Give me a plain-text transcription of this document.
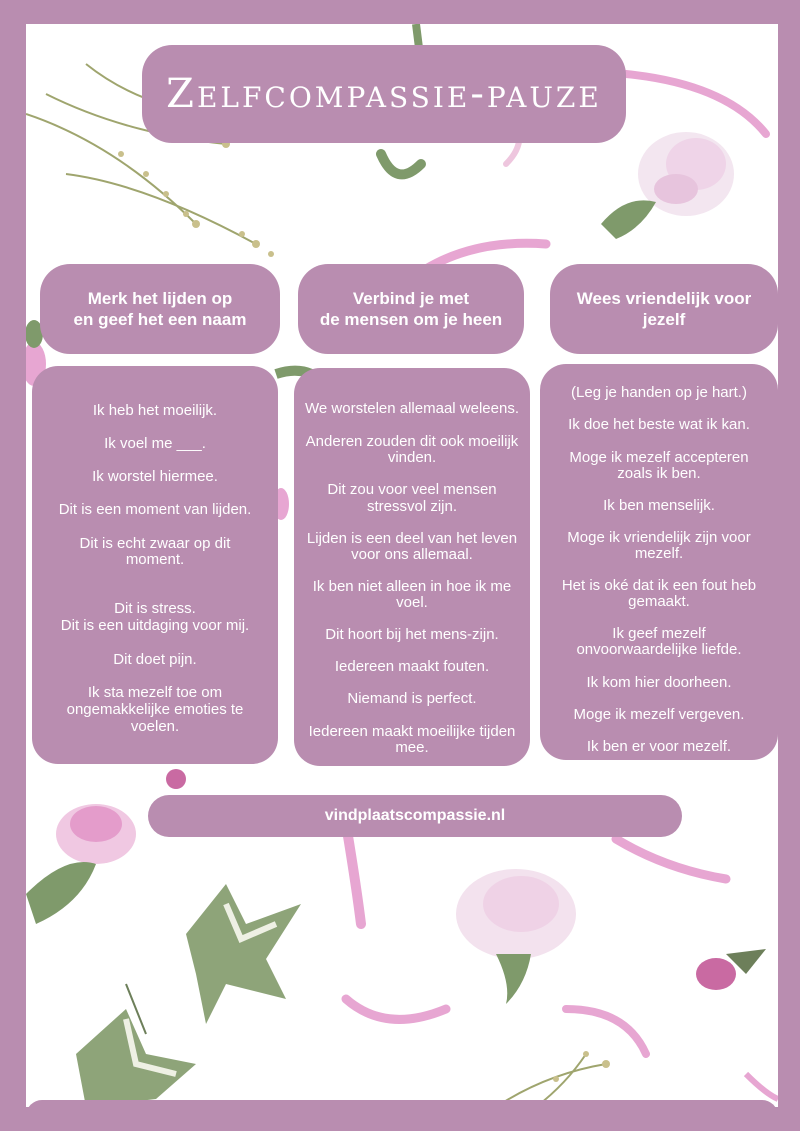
Zelfcompassie-pauze
Merk het lijden op
en geef het een naam
Verbind je met
de mensen om je heen
Wees vriendelijk voor
jezelf

Ik heb het moeilijk.

Ik voel me ___.

Ik worstel hiermee.

Dit is een moment van lijden.

Dit is echt zwaar op dit

moment.

Dit is stress.

Dit is een uitdaging voor mij.

Dit doet pijn.

Ik sta mezelf toe om

ongemakkelijke emoties te

voelen.

We worstelen allemaal weleens.

Anderen zouden dit ook moeilijk

vinden.

Dit zou voor veel mensen

stressvol zijn.

Lijden is een deel van het leven

voor ons allemaal.

Ik ben niet alleen in hoe ik me

voel.

Dit hoort bij het mens-zijn.

Iedereen maakt fouten.

Niemand is perfect.

Iedereen maakt moeilijke tijden

mee.

(Leg je handen op je hart.)

Ik doe het beste wat ik kan.

Moge ik mezelf accepteren

zoals ik ben.

Ik ben menselijk.

Moge ik vriendelijk zijn voor

mezelf.

Het is oké dat ik een fout heb

gemaakt.

Ik geef mezelf

onvoorwaardelijke liefde.

Ik kom hier doorheen.

Moge ik mezelf vergeven.

Ik ben er voor mezelf.

vindplaatscompassie.nl
